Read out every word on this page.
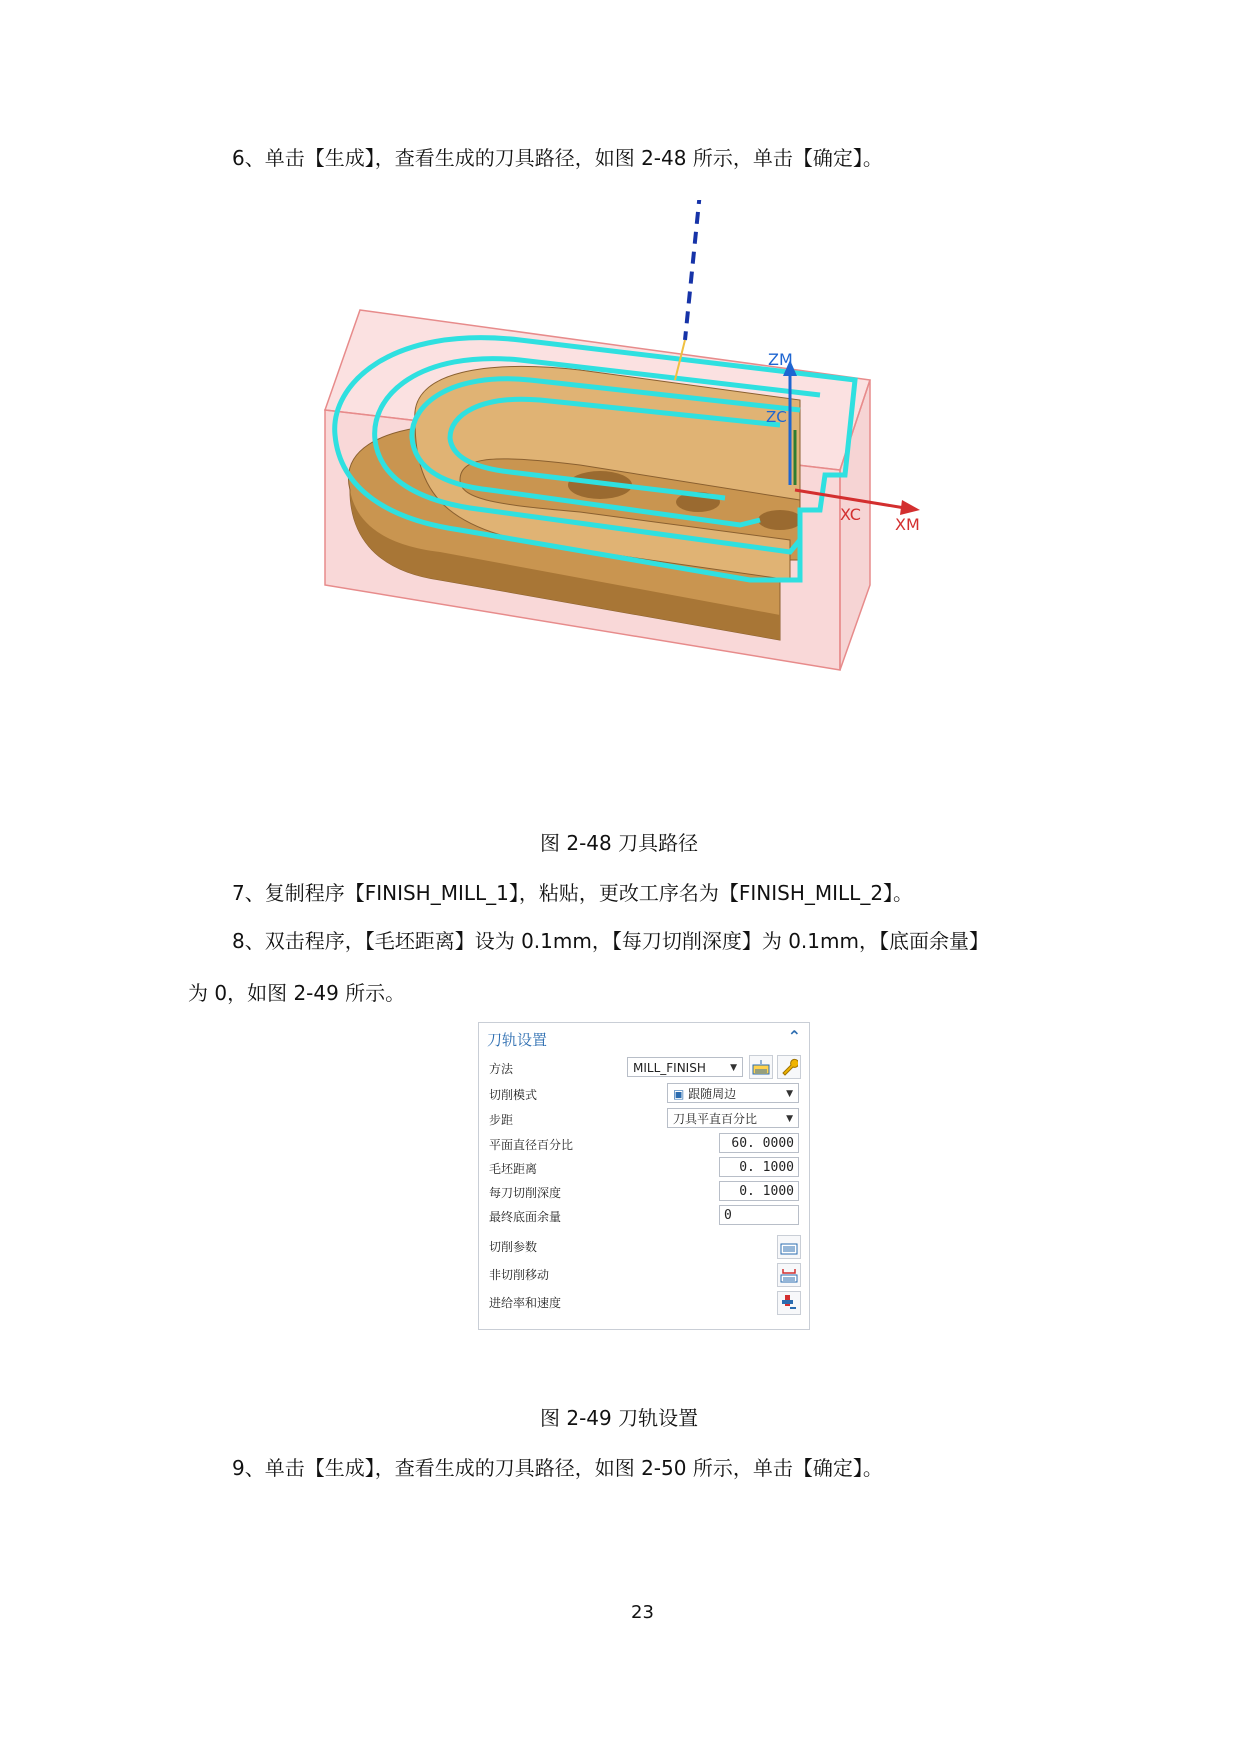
6、单击【生成】，查看生成的刀具路径，如图 2-48 所示，单击【确定】。
ZM
ZC
XC
XM
图 2-48 刀具路径
7、复制程序【FINISH_MILL_1】，粘贴，更改工序名为【FINISH_MILL_2】。
8、双击程序，【毛坯距离】设为 0.1mm，【每刀切削深度】为 0.1mm，【底面余量】
为 0，如图 2-49 所示。
刀轨设置	⌃
方法	MILL_FINISH	▼
切削模式	▣ 跟随周边	▼
步距	刀具平直百分比	▼
平面直径百分比	60. 0000
毛坯距离	0. 1000
每刀切削深度	0. 1000
最终底面余量	0
切削参数
非切削移动
进给率和速度
图 2-49 刀轨设置
9、单击【生成】，查看生成的刀具路径，如图 2-50 所示，单击【确定】。
23
